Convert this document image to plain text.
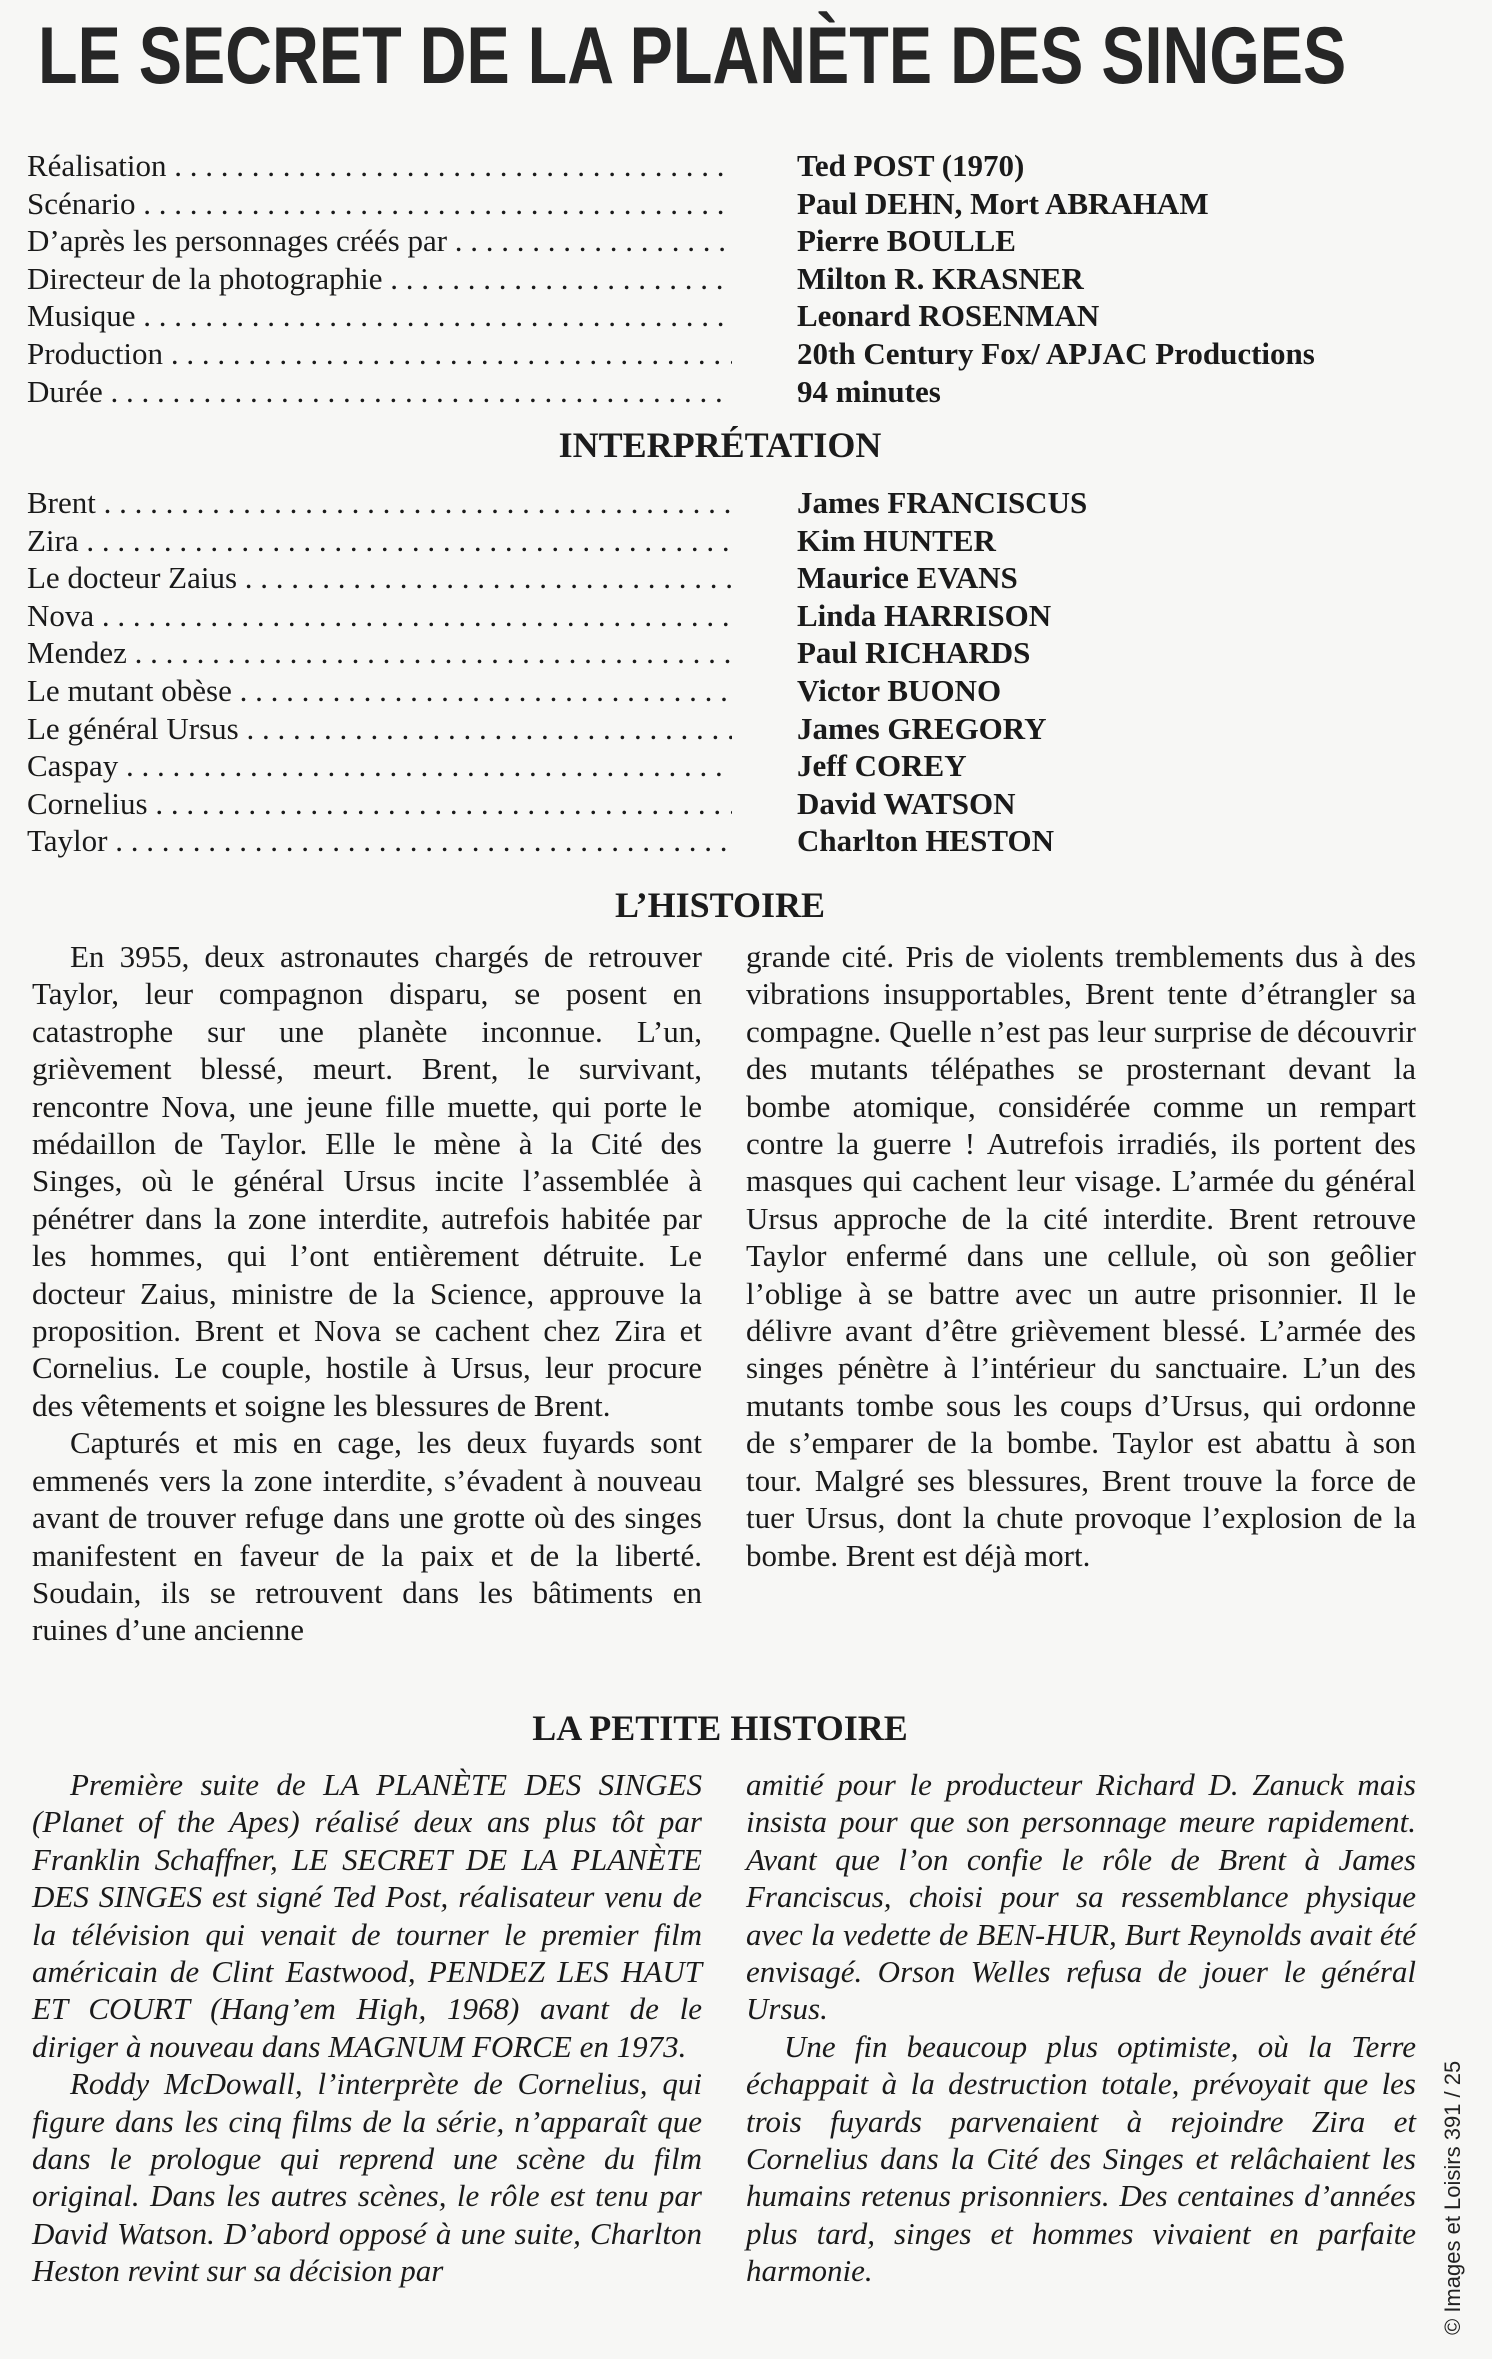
LE SECRET DE LA PLANÈTE DES SINGES
Réalisation . . .	Ted POST (1970)
Scénario . . .	Paul DEHN, Mort ABRAHAM
D’après les personnages créés par . . .	Pierre BOULLE
Directeur de la photographie . . .	Milton R. KRASNER
Musique . . .	Leonard ROSENMAN
Production . . .	20th Century Fox/ APJAC Productions
Durée . . .	94 minutes
INTERPRÉTATION
Brent . . .	James FRANCISCUS
Zira . . .	Kim HUNTER
Le docteur Zaius . . .	Maurice EVANS
Nova . . .	Linda HARRISON
Mendez . . .	Paul RICHARDS
Le mutant obèse . . .	Victor BUONO
Le général Ursus . . .	James GREGORY
Caspay . . .	Jeff COREY
Cornelius . . .	David WATSON
Taylor . . .	Charlton HESTON
L’HISTOIRE

En 3955, deux astronautes chargés de retrouver Taylor, leur compagnon disparu, se posent en catastrophe sur une planète inconnue. L’un, grièvement blessé, meurt. Brent, le survivant, rencontre Nova, une jeune fille muette, qui porte le médaillon de Taylor. Elle le mène à la Cité des Singes, où le général Ursus incite l’assemblée à pénétrer dans la zone interdite, autrefois habitée par les hommes, qui l’ont entièrement détruite. Le docteur Zaius, ministre de la Science, approuve la proposition. Brent et Nova se cachent chez Zira et Cornelius. Le couple, hostile à Ursus, leur procure des vêtements et soigne les blessures de Brent.

Capturés et mis en cage, les deux fuyards sont emmenés vers la zone interdite, s’évadent à nouveau avant de trouver refuge dans une grotte où des singes manifestent en faveur de la paix et de la liberté. Soudain, ils se retrouvent dans les bâtiments en ruines d’une ancienne

grande cité. Pris de violents tremblements dus à des vibrations insupportables, Brent tente d’étrangler sa compagne. Quelle n’est pas leur surprise de découvrir des mutants télépathes se prosternant devant la bombe atomique, considérée comme un rempart contre la guerre ! Autrefois irradiés, ils portent des masques qui cachent leur visage. L’armée du général Ursus approche de la cité interdite. Brent retrouve Taylor enfermé dans une cellule, où son geôlier l’oblige à se battre avec un autre prisonnier. Il le délivre avant d’être grièvement blessé. L’armée des singes pénètre à l’intérieur du sanctuaire. L’un des mutants tombe sous les coups d’Ursus, qui ordonne de s’emparer de la bombe. Taylor est abattu à son tour. Malgré ses blessures, Brent trouve la force de tuer Ursus, dont la chute provoque l’explosion de la bombe. Brent est déjà mort.

LA PETITE HISTOIRE

Première suite de LA PLANÈTE DES SINGES (Planet of the Apes) réalisé deux ans plus tôt par Franklin Schaffner, LE SECRET DE LA PLANÈTE DES SINGES est signé Ted Post, réalisateur venu de la télévision qui venait de tourner le premier film américain de Clint Eastwood, PENDEZ LES HAUT ET COURT (Hang’em High, 1968) avant de le diriger à nouveau dans MAGNUM FORCE en 1973.

Roddy McDowall, l’interprète de Cornelius, qui figure dans les cinq films de la série, n’apparaît que dans le prologue qui reprend une scène du film original. Dans les autres scènes, le rôle est tenu par David Watson. D’abord opposé à une suite, Charlton Heston revint sur sa décision par

amitié pour le producteur Richard D. Zanuck mais insista pour que son personnage meure rapidement. Avant que l’on confie le rôle de Brent à James Franciscus, choisi pour sa ressemblance physique avec la vedette de BEN-HUR, Burt Reynolds avait été envisagé. Orson Welles refusa de jouer le général Ursus.

Une fin beaucoup plus optimiste, où la Terre échappait à la destruction totale, prévoyait que les trois fuyards parvenaient à rejoindre Zira et Cornelius dans la Cité des Singes et relâchaient les humains retenus prisonniers. Des centaines d’années plus tard, singes et hommes vivaient en parfaite harmonie.	© Images et Loisirs 391 / 25
